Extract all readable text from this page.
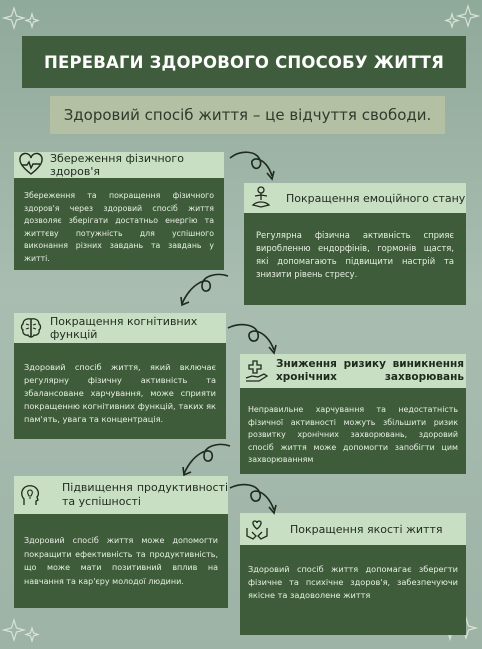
ПЕРЕВАГИ ЗДОРОВОГО СПОСОБУ ЖИТТЯ
Здоровий спосіб життя – це відчуття свободи.
Збереження фізичного здоров'я
Збереження та покращення фізичного здоров'я через здоровий спосіб життя дозволяє зберігати достатньо енергію та життєву потужність для успішного виконання різних завдань та завдань у житті.
Покращення емоційного стану
Регулярна фізична активність сприяє виробленню ендорфінів, гормонів щастя, які допомагають підвищити настрій та знизити рівень стресу.
Покращення когнітивних функцій
Здоровий спосіб життя, який включає регулярну фізичну активність та збалансоване харчування, може сприяти покращенню когнітивних функцій, таких як пам'ять, увага та концентрація.
Зниження ризику виникнення хронічних захворювань
Неправильне харчування та недостатність фізичної активності можуть збільшити ризик розвитку хронічних захворювань, здоровий спосіб життя може допомогти запобігти цим захворюванням
Підвищення продуктивності та успішності
Здоровий спосіб життя може допомогти покращити ефективність та продуктивність, що може мати позитивний вплив на навчання та кар'єру молодої людини.
Покращення якості життя
Здоровий спосіб життя допомагає зберегти фізичне та психічне здоров'я, забезпечуючи якісне та задоволене життя
